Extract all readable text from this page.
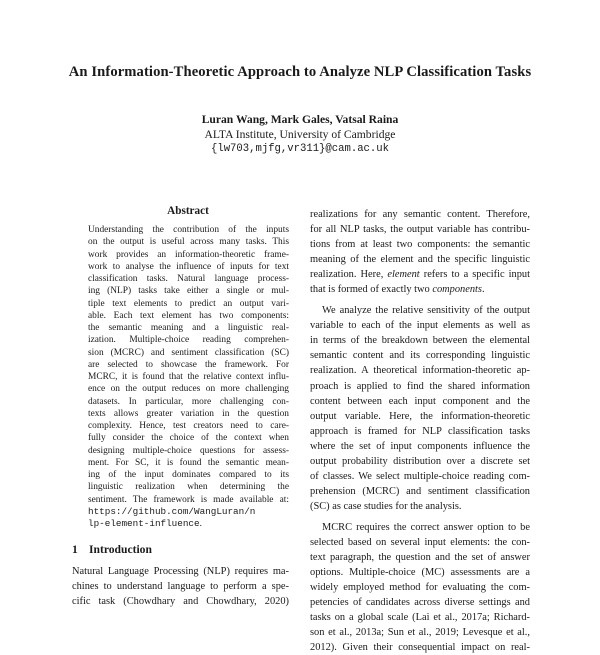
An Information-Theoretic Approach to Analyze NLP Classification Tasks
Luran Wang, Mark Gales, Vatsal Raina
ALTA Institute, University of Cambridge
{lw703,mjfg,vr311}@cam.ac.uk
Abstract
Understanding the contribution of the inputs
on the output is useful across many tasks. This
work provides an information-theoretic frame-
work to analyse the influence of inputs for text
classification tasks. Natural language process-
ing (NLP) tasks take either a single or mul-
tiple text elements to predict an output vari-
able. Each text element has two components:
the semantic meaning and a linguistic real-
ization. Multiple-choice reading comprehen-
sion (MCRC) and sentiment classification (SC)
are selected to showcase the framework. For
MCRC, it is found that the relative context influ-
ence on the output reduces on more challenging
datasets. In particular, more challenging con-
texts allows greater variation in the question
complexity. Hence, test creators need to care-
fully consider the choice of the context when
designing multiple-choice questions for assess-
ment. For SC, it is found the semantic mean-
ing of the input dominates compared to its
linguistic realization when determining the
sentiment. The framework is made available at:
https://github.com/WangLuran/n
lp-element-influence.
1 Introduction
Natural Language Processing (NLP) requires ma-
chines to understand language to perform a spe-
cific task (Chowdhary and Chowdhary, 2020)
realizations for any semantic content. Therefore,
for all NLP tasks, the output variable has contribu-
tions from at least two components: the semantic
meaning of the element and the specific linguistic
realization. Here, element refers to a specific input
that is formed of exactly two components.
We analyze the relative sensitivity of the output
variable to each of the input elements as well as
in terms of the breakdown between the elemental
semantic content and its corresponding linguistic
realization. A theoretical information-theoretic ap-
proach is applied to find the shared information
content between each input component and the
output variable. Here, the information-theoretic
approach is framed for NLP classification tasks
where the set of input components influence the
output probability distribution over a discrete set
of classes. We select multiple-choice reading com-
prehension (MCRC) and sentiment classification
(SC) as case studies for the analysis.
MCRC requires the correct answer option to be
selected based on several input elements: the con-
text paragraph, the question and the set of answer
options. Multiple-choice (MC) assessments are a
widely employed method for evaluating the com-
petencies of candidates across diverse settings and
tasks on a global scale (Lai et al., 2017a; Richard-
son et al., 2013a; Sun et al., 2019; Levesque et al.,
2012). Given their consequential impact on real-
